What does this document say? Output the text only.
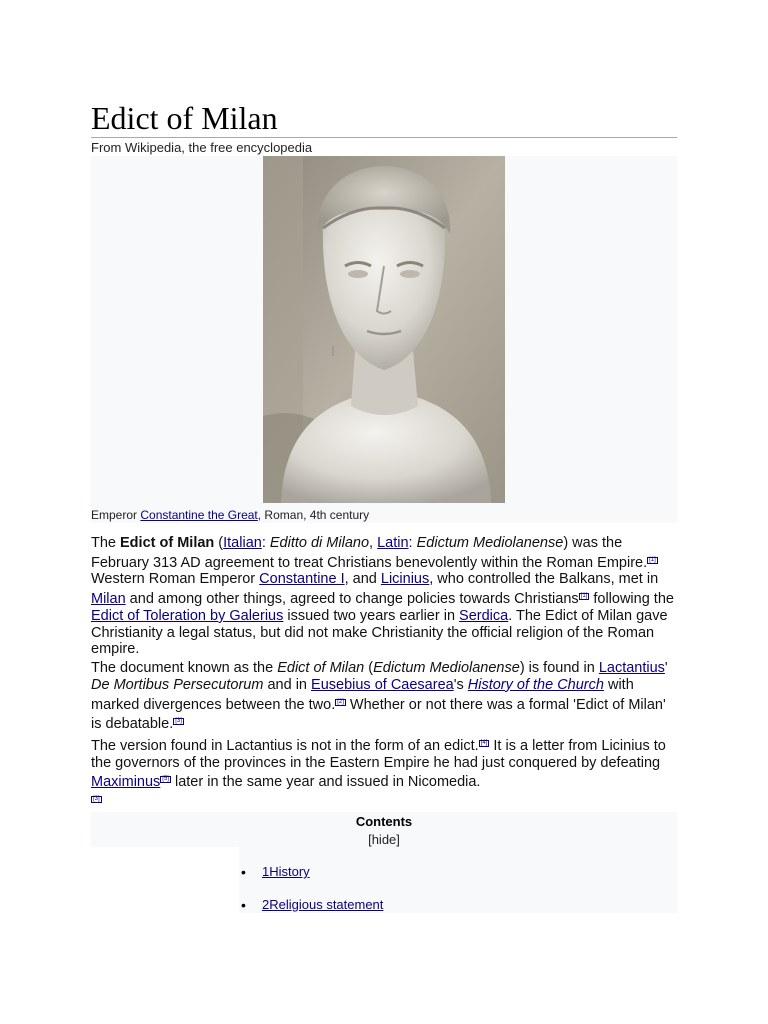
Edict of Milan
From Wikipedia, the free encyclopedia
Emperor Constantine the Great, Roman, 4th century

The Edict of Milan (Italian: Editto di Milano, Latin: Edictum Mediolanense) was the February 313 AD agreement to treat Christians benevolently within the Roman Empire. [1] Western Roman Emperor Constantine I, and Licinius, who controlled the Balkans, met in Milan and among other things, agreed to change policies towards Christians [1] following the Edict of Toleration by Galerius issued two years earlier in Serdica. The Edict of Milan gave Christianity a legal status, but did not make Christianity the official religion of the Roman empire.

The document known as the Edict of Milan (Edictum Mediolanense) is found in Lactantius' De Mortibus Persecutorum and in Eusebius of Caesarea's History of the Church with marked divergences between the two. [2] Whether or not there was a formal 'Edict of Milan' is debatable. [3]

The version found in Lactantius is not in the form of an edict. [4] It is a letter from Licinius to the governors of the provinces in the Eastern Empire he had just conquered by defeating Maximinus [5] later in the same year and issued in Nicomedia.
[3]

Contents
[hide]
• 1History
• 2Religious statement
